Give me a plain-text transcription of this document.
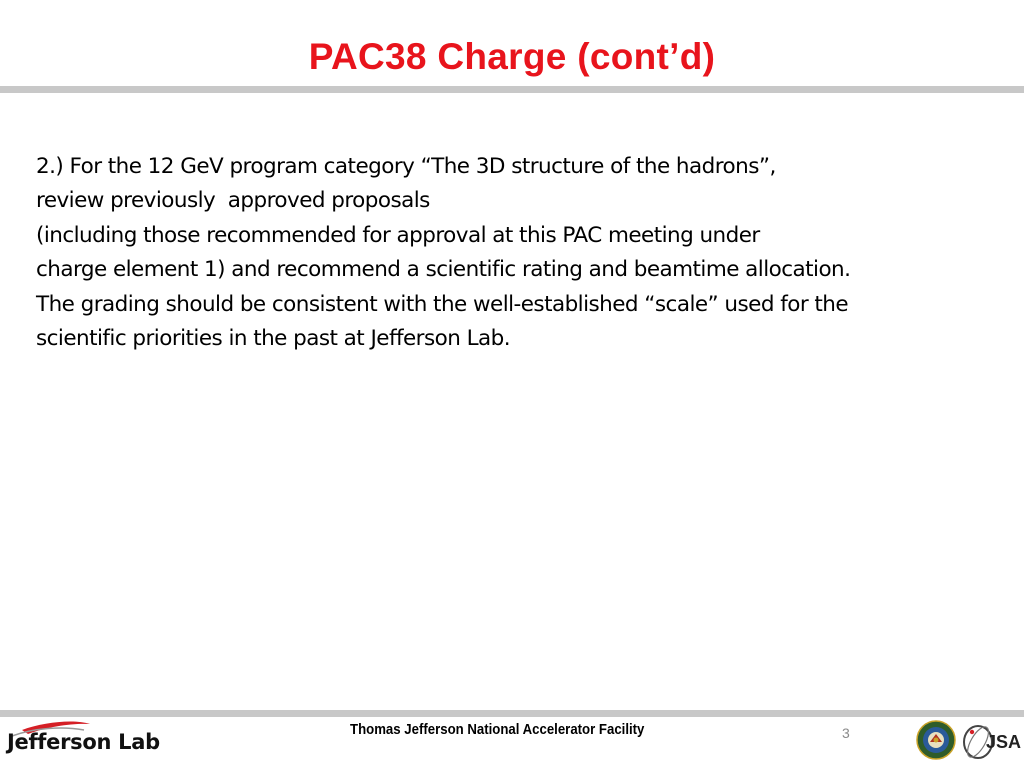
PAC38 Charge (cont’d)
2.) For the 12 GeV program category “The 3D structure of the hadrons”,
review previously  approved proposals
(including those recommended for approval at this PAC meeting under
charge element 1) and recommend a scientific rating and beamtime allocation.
The grading should be consistent with the well-established “scale” used for the
scientific priorities in the past at Jefferson Lab.
Jefferson Lab
Thomas Jefferson National Accelerator Facility	3	JSA
